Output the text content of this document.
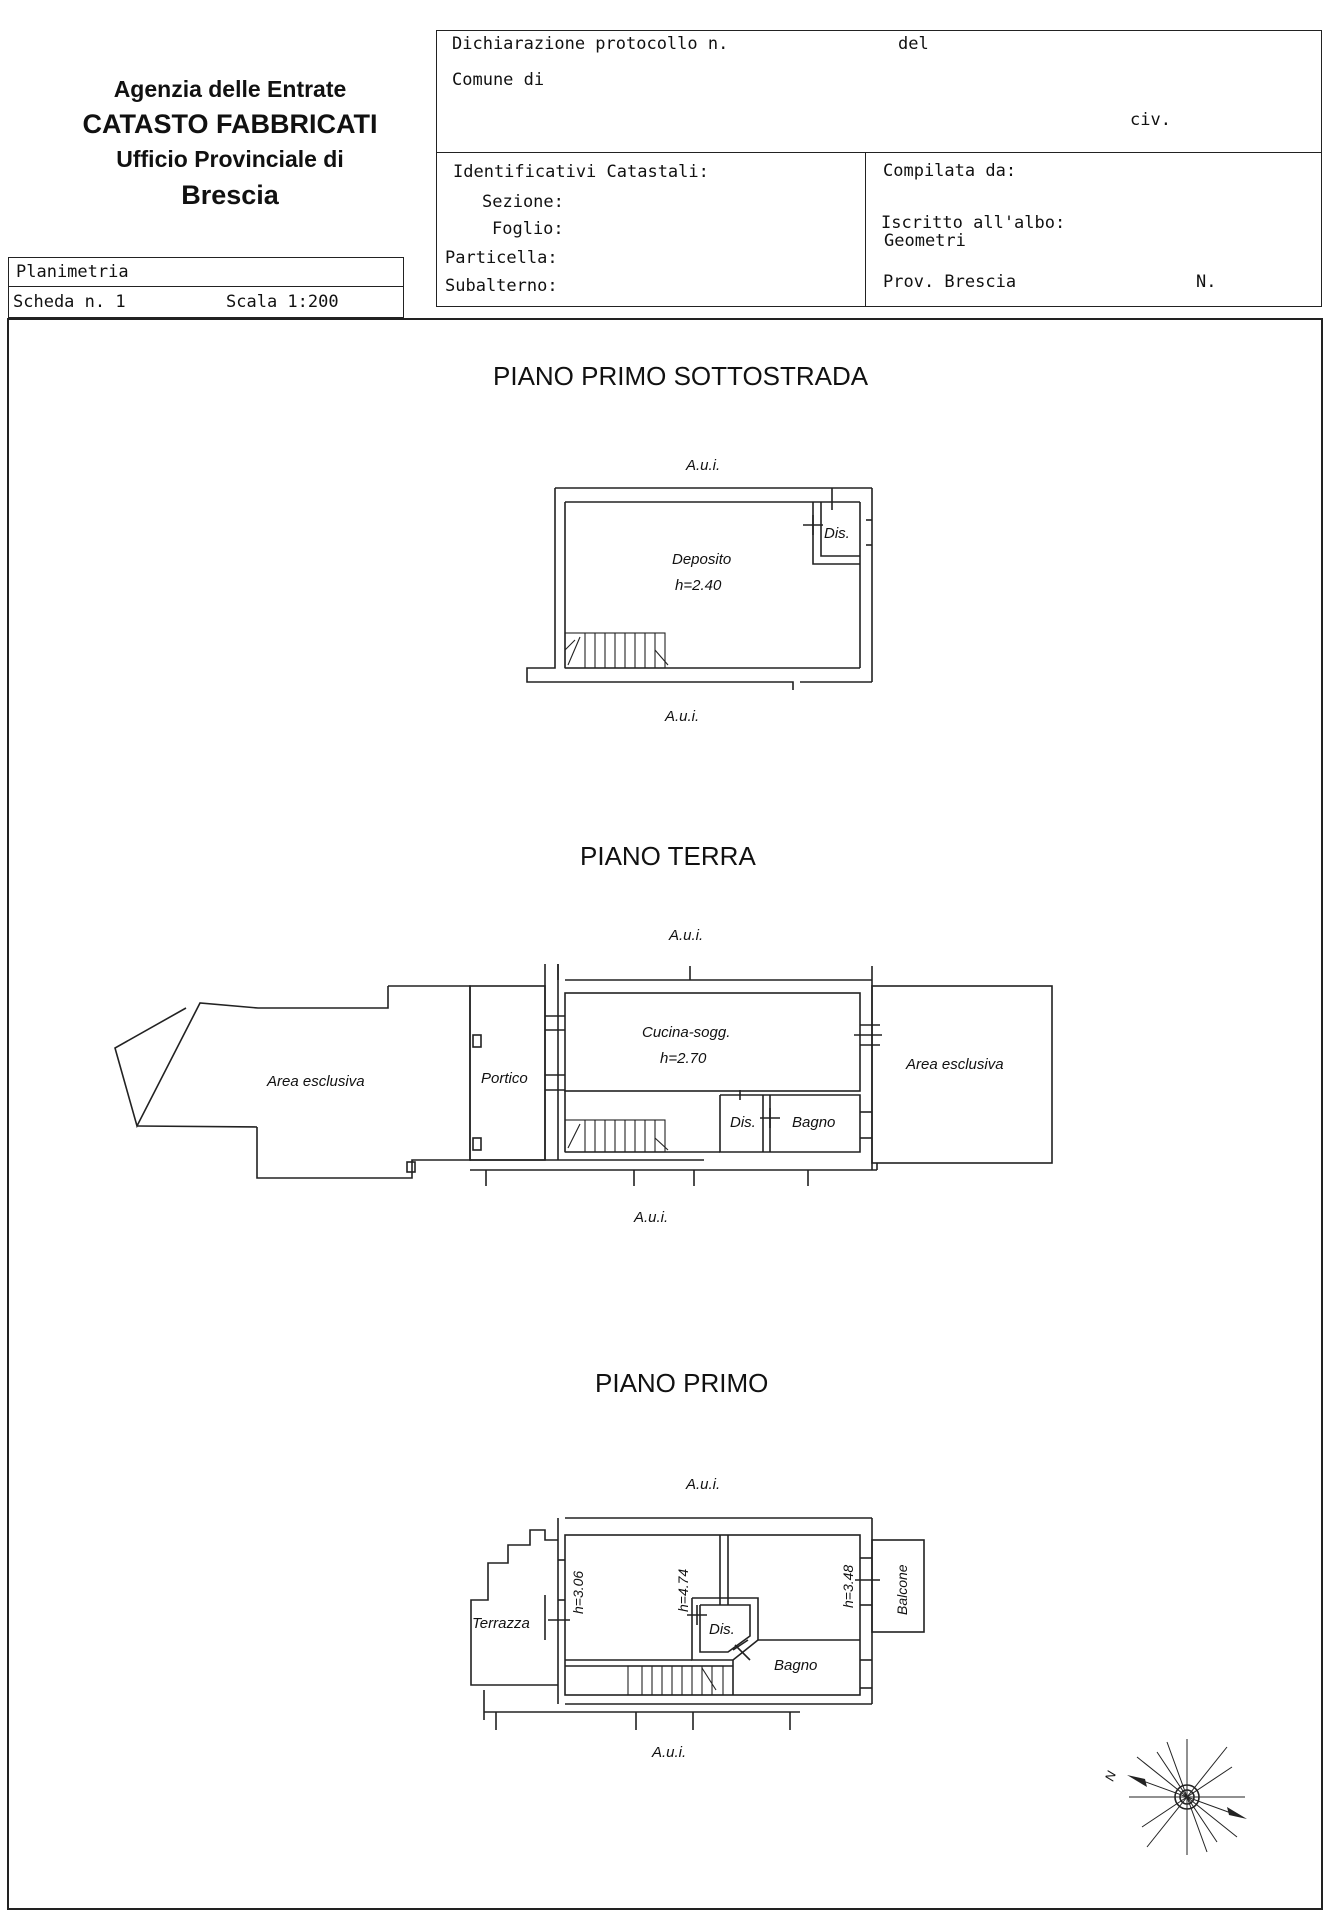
Agenzia delle Entrate
CATASTO FABBRICATI
Ufficio Provinciale di
Brescia
Dichiarazione protocollo n.	del
Comune di
civ.
Identificativi Catastali:
Sezione:
Foglio:
Particella:
Subalterno:
Compilata da:
Iscritto all'albo:
Geometri
Prov. Brescia	N.
Planimetria
Scheda n. 1	Scala 1:200
PIANO PRIMO SOTTOSTRADA
PIANO TERRA
PIANO PRIMO
A.u.i.
A.u.i.
Deposito
h=2.40
Dis.
A.u.i.
A.u.i.
Area esclusiva	Portico
Cucina-sogg.
h=2.70
Dis. Bagno
Area esclusiva
A.u.i.
A.u.i.
Terrazza
h=3.06	h=4.74	h=3.48
Dis.
Bagno
Balcone
N
